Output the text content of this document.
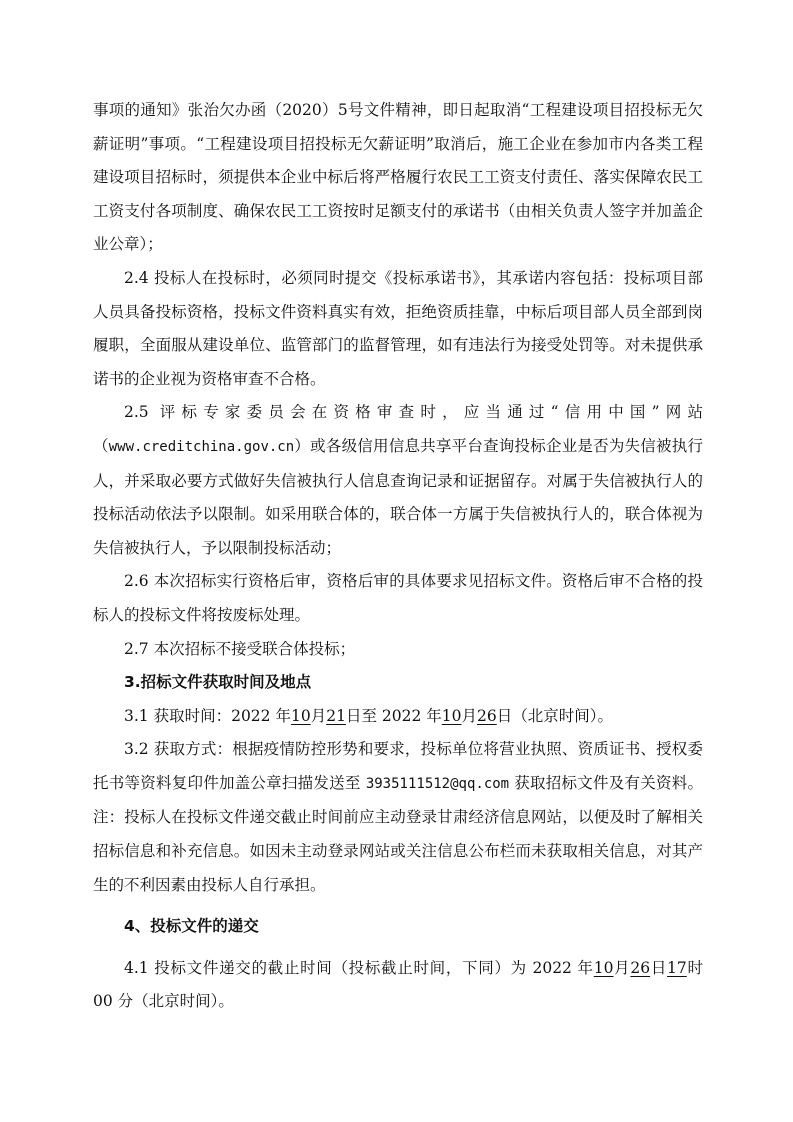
事项的通知》张治欠办函（2020）5号文件精神，即日起取消“工程建设项目招投标无欠薪证明”事项。“工程建设项目招投标无欠薪证明”取消后，施工企业在参加市内各类工程建设项目招标时，须提供本企业中标后将严格履行农民工工资支付责任、落实保障农民工工资支付各项制度、确保农民工工资按时足额支付的承诺书（由相关负责人签字并加盖企业公章）；

2.4 投标人在投标时，必须同时提交《投标承诺书》，其承诺内容包括：投标项目部人员具备投标资格，投标文件资料真实有效，拒绝资质挂靠，中标后项目部人员全部到岗履职，全面服从建设单位、监管部门的监督管理，如有违法行为接受处罚等。对未提供承诺书的企业视为资格审查不合格。

2.5 评标专家委员会在资格审查时，应当通过“信用中国”网站（www.creditchina.gov.cn）或各级信用信息共享平台查询投标企业是否为失信被执行人，并采取必要方式做好失信被执行人信息查询记录和证据留存。对属于失信被执行人的投标活动依法予以限制。如采用联合体的，联合体一方属于失信被执行人的，联合体视为失信被执行人，予以限制投标活动；

2.6 本次招标实行资格后审，资格后审的具体要求见招标文件。资格后审不合格的投标人的投标文件将按废标处理。

2.7 本次招标不接受联合体投标；

3.招标文件获取时间及地点

3.1 获取时间：2022 年10月21日至 2022 年10月26日（北京时间）。

3.2 获取方式：根据疫情防控形势和要求，投标单位将营业执照、资质证书、授权委托书等资料复印件加盖公章扫描发送至 3935111512@qq.com 获取招标文件及有关资料。注：投标人在投标文件递交截止时间前应主动登录甘肃经济信息网站，以便及时了解相关招标信息和补充信息。如因未主动登录网站或关注信息公布栏而未获取相关信息，对其产生的不利因素由投标人自行承担。

4、投标文件的递交

4.1 投标文件递交的截止时间（投标截止时间，下同）为 2022 年10月26日17时 00 分（北京时间）。
